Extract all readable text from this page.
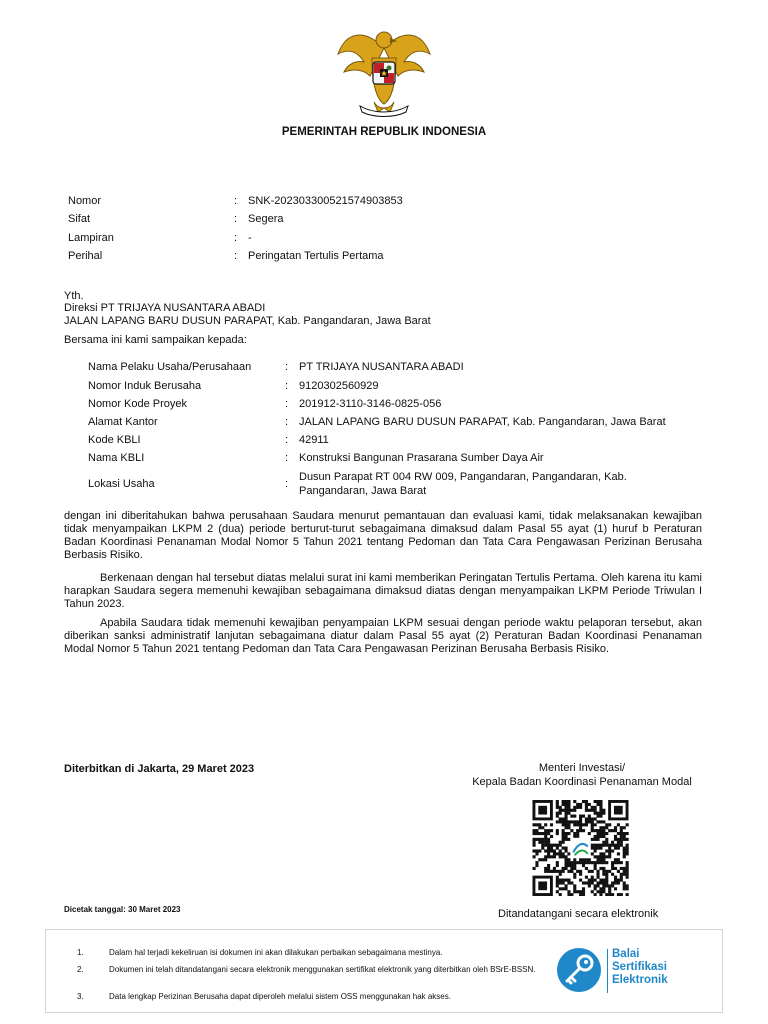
PEMERINTAH REPUBLIK INDONESIA
Nomor	: SNK-20230330052157490385​3
Sifat	: Segera
Lampiran	: -
Perihal	: Peringatan Tertulis Pertama
Yth.
Direksi PT TRIJAYA NUSANTARA ABADI
JALAN LAPANG BARU DUSUN PARAPAT, Kab. Pangandaran, Jawa Barat
Bersama ini kami sampaikan kepada:
Nama Pelaku Usaha/Perusahaan	: PT TRIJAYA NUSANTARA ABADI
Nomor Induk Berusaha	: 9120302560929
Nomor Kode Proyek	: 201912-3110-3146-0825-056
Alamat Kantor	: JALAN LAPANG BARU DUSUN PARAPAT, Kab. Pangandaran, Jawa Barat
Kode KBLI	: 42911
Nama KBLI	: Konstruksi Bangunan Prasarana Sumber Daya Air
Lokasi Usaha	:
Dusun Parapat RT 004 RW 009, Pangandaran, Pangandaran, Kab.
Pangandaran, Jawa Barat
dengan ini diberitahukan bahwa perusahaan Saudara menurut pemantauan dan evaluasi kami, tidak melaksanakan kewajiban tidak menyampaikan LKPM 2 (dua) periode berturut-turut sebagaimana dimaksud dalam Pasal 55 ayat (1) huruf b Peraturan Badan Koordinasi Penanaman Modal Nomor 5 Tahun 2021 tentang Pedoman dan Tata Cara Pengawasan Perizinan Berusaha Berbasis Risiko.
Berkenaan dengan hal tersebut diatas melalui surat ini kami memberikan Peringatan Tertulis Pertama. Oleh karena itu kami harapkan Saudara segera memenuhi kewajiban sebagaimana dimaksud diatas dengan menyampaikan LKPM Periode Triwulan I Tahun 2023.
Apabila Saudara tidak memenuhi kewajiban penyampaian LKPM sesuai dengan periode waktu pelaporan tersebut, akan diberikan sanksi administratif lanjutan sebagaimana diatur dalam Pasal 55 ayat (2) Peraturan Badan Koordinasi Penanaman Modal Nomor 5 Tahun 2021 tentang Pedoman dan Tata Cara Pengawasan Perizinan Berusaha Berbasis Risiko.
Diterbitkan di Jakarta, 29 Maret 2023	Menteri Investasi/
Kepala Badan Koordinasi Penanaman Modal
Dicetak tanggal: 30 Maret 2023	Ditandatangani secara elektronik
1.	Dalam hal terjadi kekeliruan isi dokumen ini akan dilakukan perbaikan sebagaimana mestinya.
2.	Dokumen ini telah ditandatangani secara elektronik menggunakan sertifikat elektronik yang diterbitkan oleh BSrE-BSSN.
3.	Data lengkap Perizinan Berusaha dapat diperoleh melalui sistem OSS menggunakan hak akses.
Balai
Sertifikasi
Elektronik
